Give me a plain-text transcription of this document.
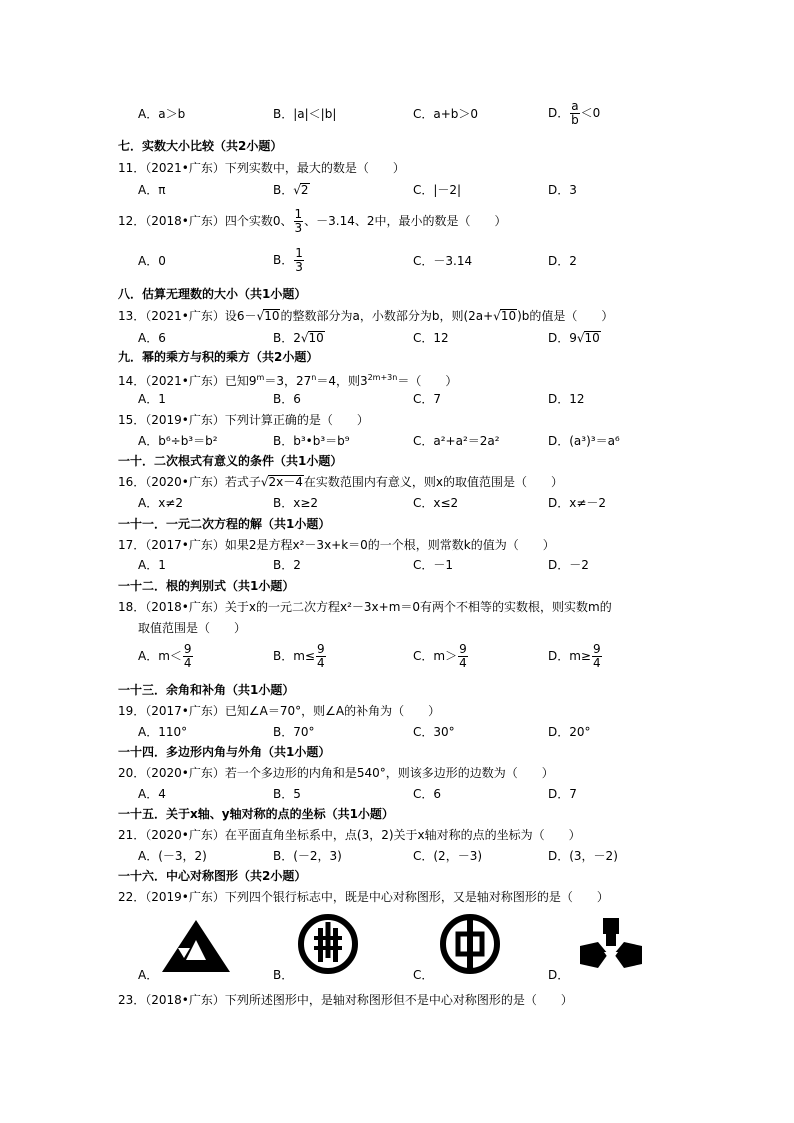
A．a＞b	B．|a|＜|b|	C．a+b＞0	D． $\frac{a}{b} <0$
七．实数大小比较（共2小题）
11．（2021•广东）下列实数中，最大的数是（　　）
A．π	B．√2	C．|－2|	D．3
12．（2018•广东）四个实数0、 $\frac{1}{3}$ 、－3.14、2中，最小的数是（　　）
A．0	B． $\frac{1}{3}$	C．－3.14	D．2
八．估算无理数的大小（共1小题）
13．（2021•广东）设6－√10的整数部分为a，小数部分为b，则(2a+√10)b的值是（　　）
A．6	B．2√10	C．12	D．9√10
九．幂的乘方与积的乘方（共2小题）
14．（2021•广东）已知$9^m=3$，$27^n=4$，则$3^{2m+3n}=$（　　）
A．1	B．6	C．7	D．12
15．（2019•广东）下列计算正确的是（　　）
A．b⁶÷b³＝b²	B．b³•b³＝b⁹	C．a²+a²＝2a²	D．(a³)³＝a⁶
一十．二次根式有意义的条件（共1小题）
16．（2020•广东）若式子√2x－4在实数范围内有意义，则x的取值范围是（　　）
A．x≠2	B．x≥2	C．x≤2	D．x≠－2
一十一．一元二次方程的解（共1小题）
17．（2017•广东）如果2是方程x²－3x+k＝0的一个根，则常数k的值为（　　）
A．1	B．2	C．－1	D．－2
一十二．根的判别式（共1小题）
18．（2018•广东）关于x的一元二次方程x²－3x+m＝0有两个不相等的实数根，则实数m的
取值范围是（　　）
A．$m< \frac{9}{4}$	B．$m\le \frac{9}{4}$	C．$m> \frac{9}{4}$	D．$m\ge \frac{9}{4}$
一十三．余角和补角（共1小题）
19．（2017•广东）已知∠A＝70°，则∠A的补角为（　　）
A．110°	B．70°	C．30°	D．20°
一十四．多边形内角与外角（共1小题）
20．（2020•广东）若一个多边形的内角和是540°，则该多边形的边数为（　　）
A．4	B．5	C．6	D．7
一十五．关于x轴、y轴对称的点的坐标（共1小题）
21．（2020•广东）在平面直角坐标系中，点(3，2)关于x轴对称的点的坐标为（　　）
A．(－3，2)	B．(－2，3)	C．(2，－3)	D．(3，－2)
一十六．中心对称图形（共2小题）
22．（2019•广东）下列四个银行标志中，既是中心对称图形，又是轴对称图形的是（　　）
A．	B．	C．	D．
23．（2018•广东）下列所述图形中，是轴对称图形但不是中心对称图形的是（　　）
